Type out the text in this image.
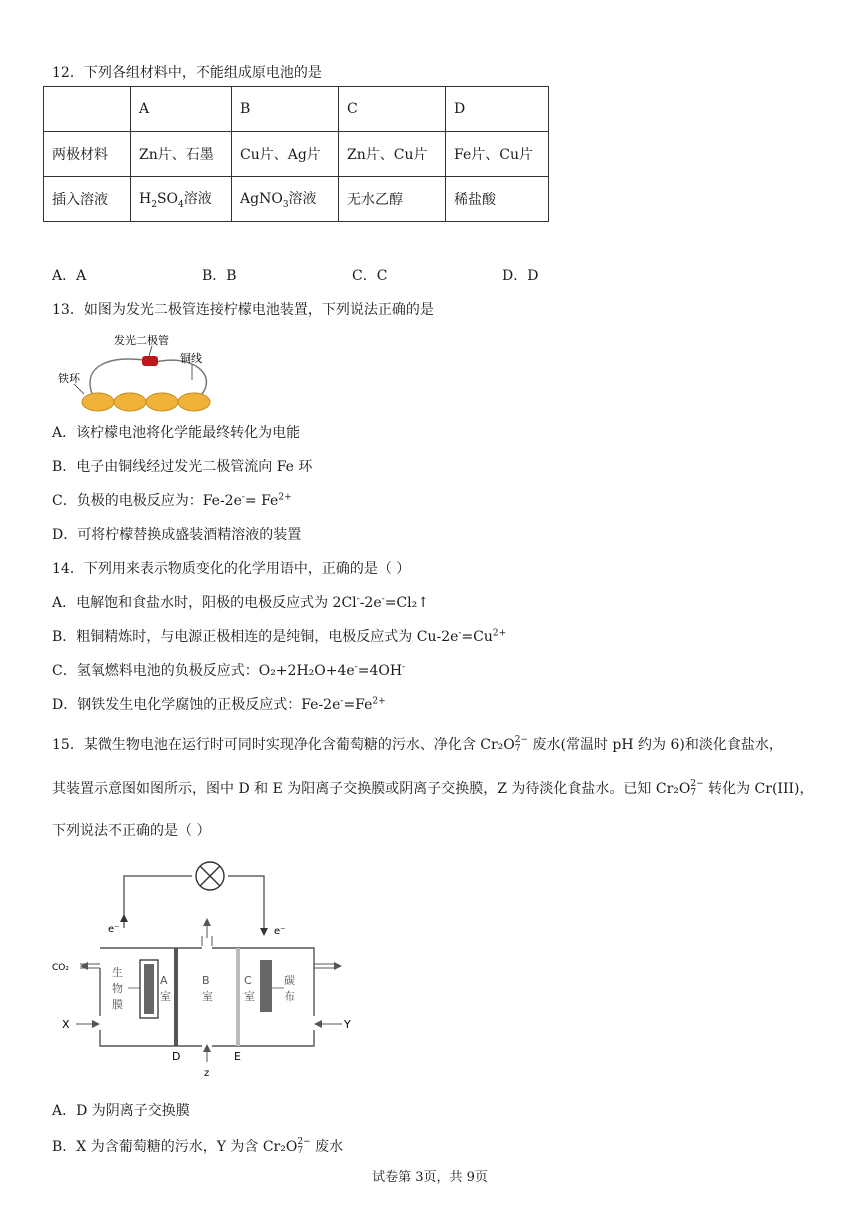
12．下列各组材料中，不能组成原电池的是
	A	B	C	D
两极材料	Zn片、石墨	Cu片、Ag片	Zn片、Cu片	Fe片、Cu片
插入溶液	$H_2SO_4$溶液	AgNO$_3$溶液	无水乙醇	稀盐酸
A．A	B．B	C．C	D．D
13．如图为发光二极管连接柠檬电池装置，下列说法正确的是
发光二极管
铜线
铁环
A．该柠檬电池将化学能最终转化为电能
B．电子由铜线经过发光二极管流向 Fe 环
C．负极的电极反应为：$Fe-2e^-= Fe^{2+}$
D．可将柠檬替换成盛装酒精溶液的装置
14．下列用来表示物质变化的化学用语中，正确的是（ ）
A．电解饱和食盐水时，阳极的电极反应式为 2Cl--2e-=Cl₂↑
B．粗铜精炼时，与电源正极相连的是纯铜，电极反应式为 $Cu-2e^-=Cu^{2+}$
C．氢氧燃料电池的负极反应式：O₂+2H₂O+4e-=4OH-
D．钢铁发生电化学腐蚀的正极反应式：$Fe-2e^-=Fe^{2+}$
15．某微生物电池在运行时可同时实现净化含葡萄糖的污水、净化含 Cr₂O 2−
7 废水(常温时 pH 约为 6)和淡化食盐水，
其装置示意图如图所示，图中 D 和 E 为阳离子交换膜或阴离子交换膜，Z 为待淡化食盐水。已知 Cr₂O 2−
7 转化为 Cr(III)，
下列说法不正确的是（ ）
e⁻	e⁻
CO₂
X	Y
z
D	E
生
物
膜
A
室
B
室
C
室
碳
布
A．D 为阴离子交换膜
B．X 为含葡萄糖的污水，Y 为含 Cr₂O 2−
7 废水
试卷第 3页，共 9页
